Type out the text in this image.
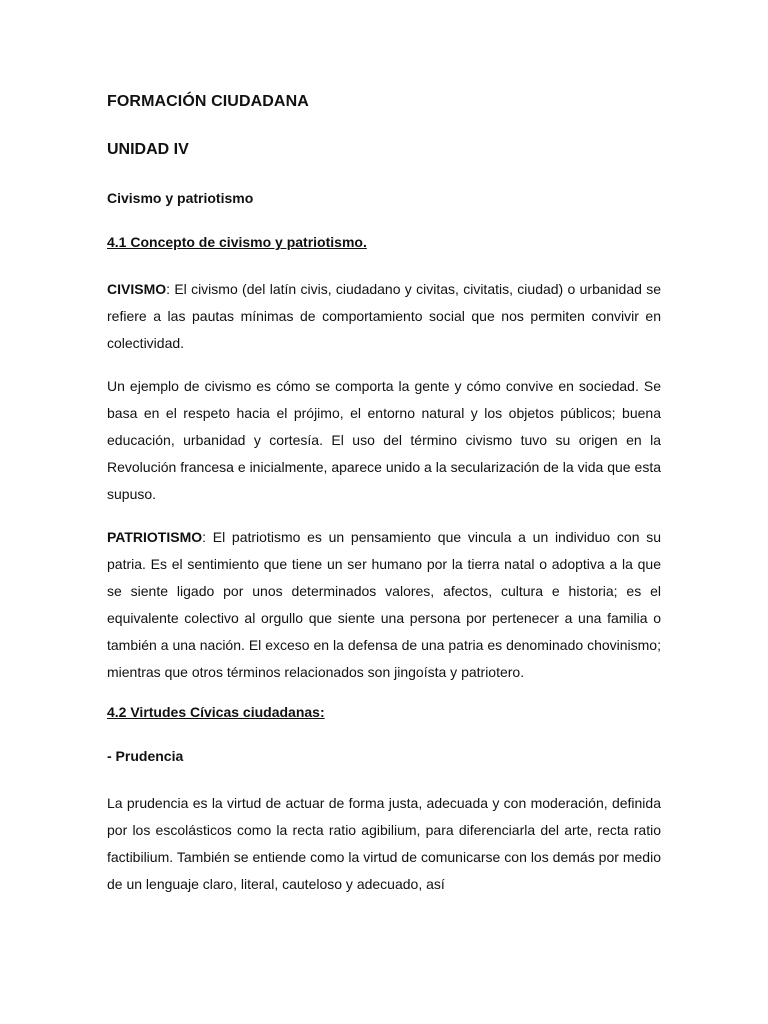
FORMACIÓN CIUDADANA
UNIDAD IV
Civismo y patriotismo
4.1 Concepto de civismo y patriotismo.

CIVISMO: El civismo (del latín civis, ciudadano y civitas, civitatis, ciudad) o urbanidad se refiere a las pautas mínimas de comportamiento social que nos permiten convivir en colectividad.

Un ejemplo de civismo es cómo se comporta la gente y cómo convive en sociedad. Se basa en el respeto hacia el prójimo, el entorno natural y los objetos públicos; buena educación, urbanidad y cortesía. El uso del término civismo tuvo su origen en la Revolución francesa e inicialmente, aparece unido a la secularización de la vida que esta supuso.

PATRIOTISMO: El patriotismo es un pensamiento que vincula a un individuo con su patria. Es el sentimiento que tiene un ser humano por la tierra natal o adoptiva a la que se siente ligado por unos determinados valores, afectos, cultura e historia; es el equivalente colectivo al orgullo que siente una persona por pertenecer a una familia o también a una nación. El exceso en la defensa de una patria es denominado chovinismo; mientras que otros términos relacionados son jingoísta y patriotero.

4.2 Virtudes Cívicas ciudadanas:
- Prudencia

La prudencia es la virtud de actuar de forma justa, adecuada y con moderación, definida por los escolásticos como la recta ratio agibilium, para diferenciarla del arte, recta ratio factibilium. También se entiende como la virtud de comunicarse con los demás por medio de un lenguaje claro, literal, cauteloso y adecuado, así
